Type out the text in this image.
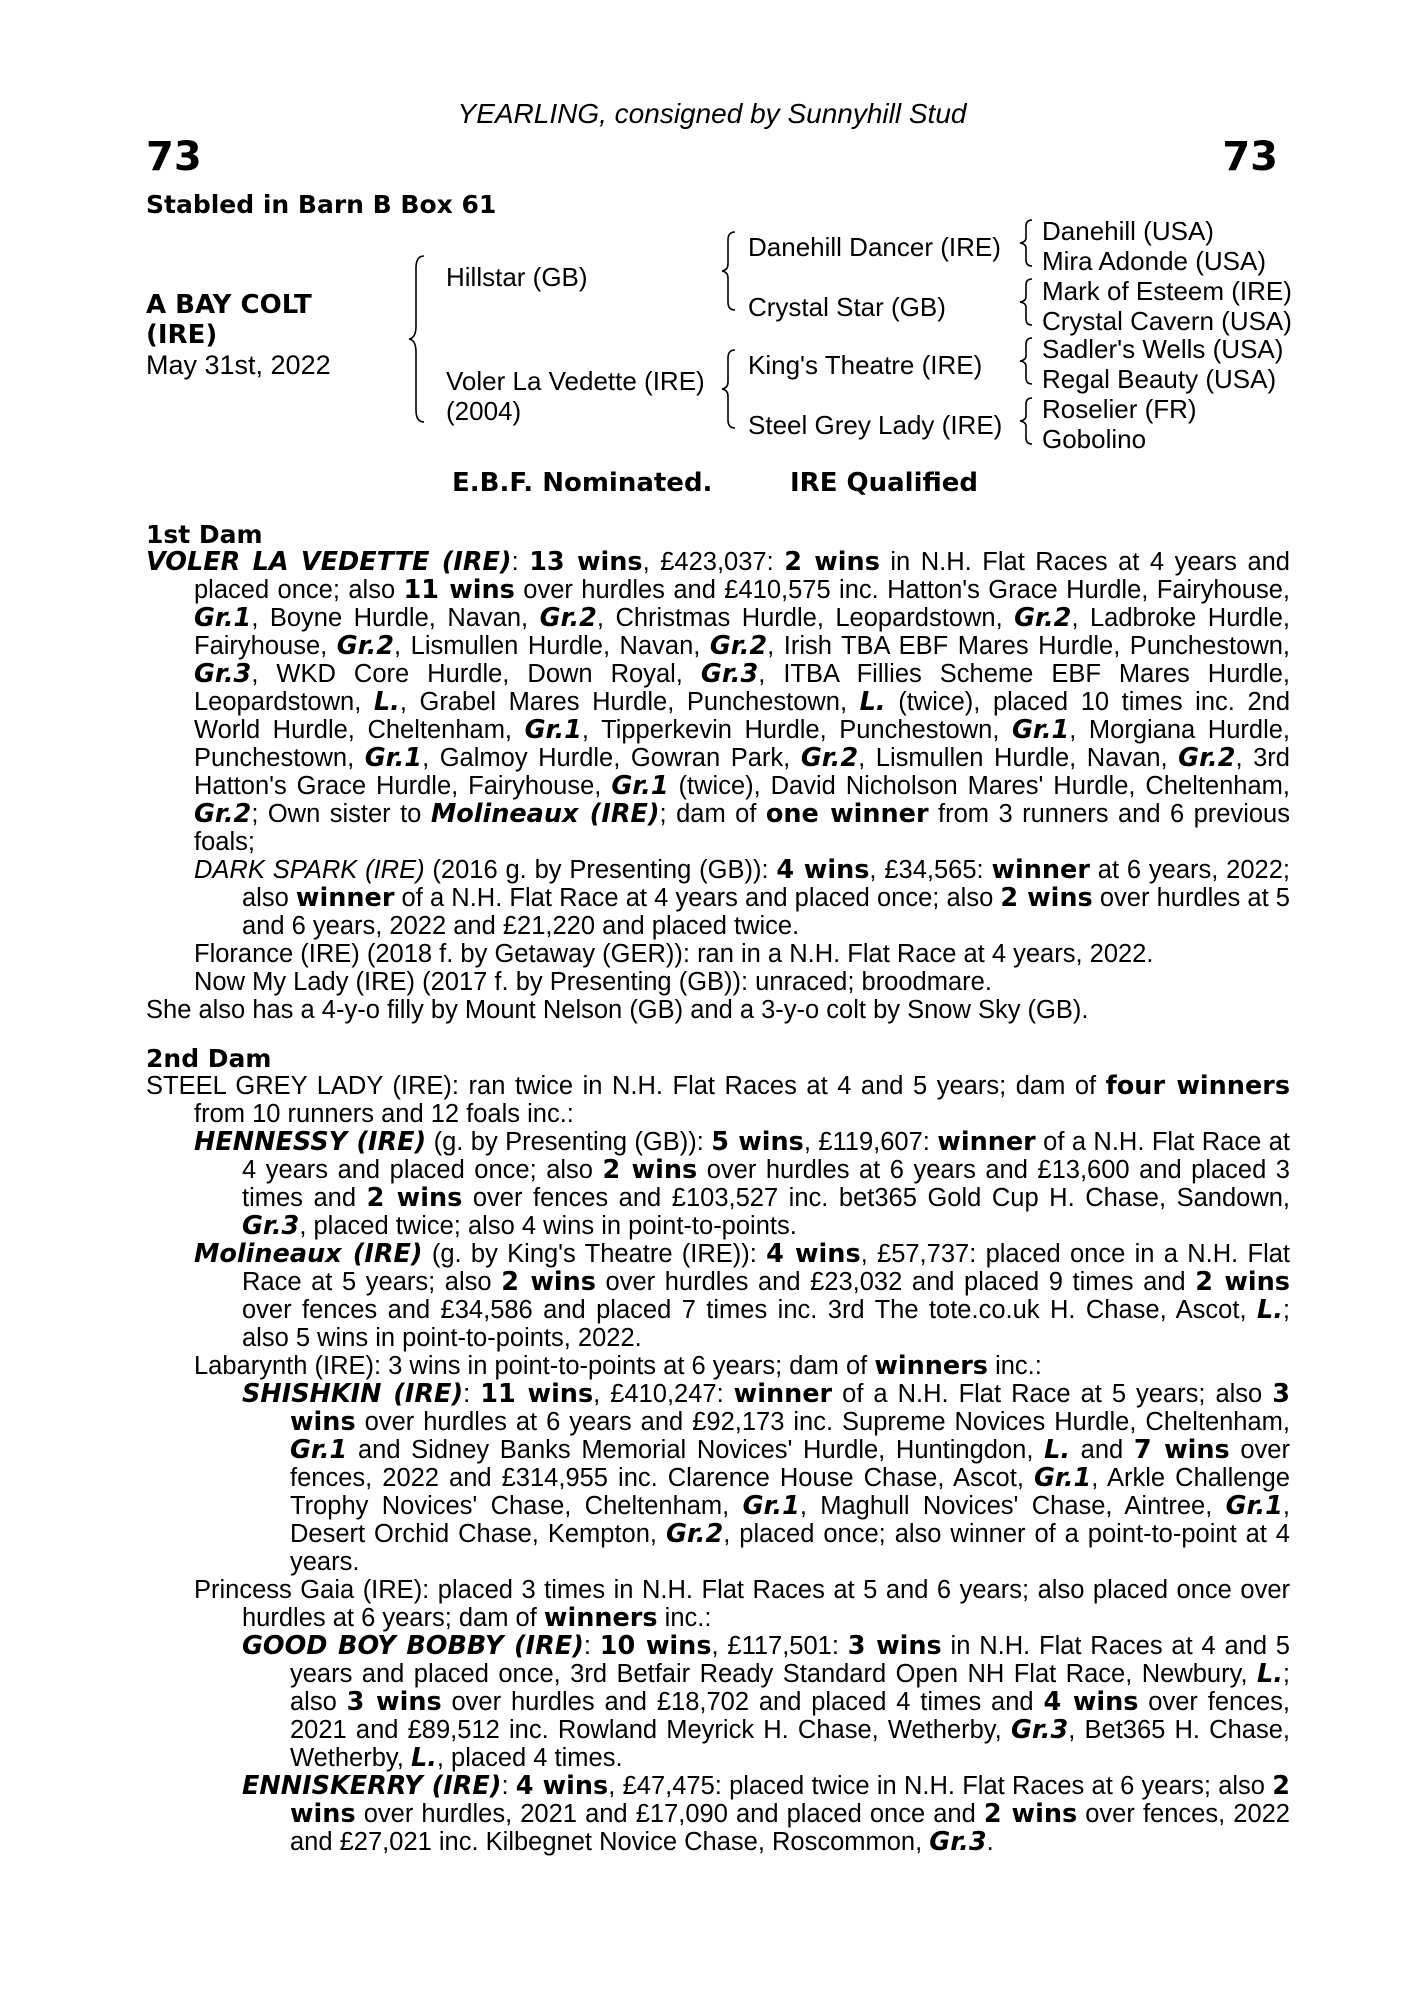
YEARLING, consigned by Sunnyhill Stud
73	73
Stabled in Barn B Box 61
A BAY COLT
(IRE)
May 31st, 2022
Hillstar (GB)
Voler La Vedette (IRE)
(2004)
Danehill Dancer (IRE)
Crystal Star (GB)
King's Theatre (IRE)
Steel Grey Lady (IRE)
Danehill (USA)
Mira Adonde (USA)
Mark of Esteem (IRE)
Crystal Cavern (USA)
Sadler's Wells (USA)
Regal Beauty (USA)
Roselier (FR)
Gobolino
E.B.F. Nominated.	IRE Qualified
1st Dam
VOLER LA VEDETTE (IRE): 13 wins, £423,037: 2 wins in N.H. Flat Races at 4 years and placed once; also 11 wins over hurdles and £410,575 inc. Hatton's Grace Hurdle, Fairyhouse, Gr.1, Boyne Hurdle, Navan, Gr.2, Christmas Hurdle, Leopardstown, Gr.2, Ladbroke Hurdle, Fairyhouse, Gr.2, Lismullen Hurdle, Navan, Gr.2, Irish TBA EBF Mares Hurdle, Punchestown, Gr.3, WKD Core Hurdle, Down Royal, Gr.3, ITBA Fillies Scheme EBF Mares Hurdle, Leopardstown, L., Grabel Mares Hurdle, Punchestown, L. (twice), placed 10 times inc. 2nd World Hurdle, Cheltenham, Gr.1, Tipperkevin Hurdle, Punchestown, Gr.1, Morgiana Hurdle, Punchestown, Gr.1, Galmoy Hurdle, Gowran Park, Gr.2, Lismullen Hurdle, Navan, Gr.2, 3rd Hatton's Grace Hurdle, Fairyhouse, Gr.1 (twice), David Nicholson Mares' Hurdle, Cheltenham, Gr.2; Own sister to Molineaux (IRE); dam of one winner from 3 runners and 6 previous foals;
DARK SPARK (IRE) (2016 g. by Presenting (GB)): 4 wins, £34,565: winner at 6 years, 2022; also winner of a N.H. Flat Race at 4 years and placed once; also 2 wins over hurdles at 5 and 6 years, 2022 and £21,220 and placed twice.
Florance (IRE) (2018 f. by Getaway (GER)): ran in a N.H. Flat Race at 4 years, 2022.
Now My Lady (IRE) (2017 f. by Presenting (GB)): unraced; broodmare.
She also has a 4-y-o filly by Mount Nelson (GB) and a 3-y-o colt by Snow Sky (GB).
2nd Dam
STEEL GREY LADY (IRE): ran twice in N.H. Flat Races at 4 and 5 years; dam of four winners from 10 runners and 12 foals inc.:
HENNESSY (IRE) (g. by Presenting (GB)): 5 wins, £119,607: winner of a N.H. Flat Race at 4 years and placed once; also 2 wins over hurdles at 6 years and £13,600 and placed 3 times and 2 wins over fences and £103,527 inc. bet365 Gold Cup H. Chase, Sandown, Gr.3, placed twice; also 4 wins in point-to-points.
Molineaux (IRE) (g. by King's Theatre (IRE)): 4 wins, £57,737: placed once in a N.H. Flat Race at 5 years; also 2 wins over hurdles and £23,032 and placed 9 times and 2 wins over fences and £34,586 and placed 7 times inc. 3rd The tote.co.uk H. Chase, Ascot, L.; also 5 wins in point-to-points, 2022.
Labarynth (IRE): 3 wins in point-to-points at 6 years; dam of winners inc.:
SHISHKIN (IRE): 11 wins, £410,247: winner of a N.H. Flat Race at 5 years; also 3 wins over hurdles at 6 years and £92,173 inc. Supreme Novices Hurdle, Cheltenham, Gr.1 and Sidney Banks Memorial Novices' Hurdle, Huntingdon, L. and 7 wins over fences, 2022 and £314,955 inc. Clarence House Chase, Ascot, Gr.1, Arkle Challenge Trophy Novices' Chase, Cheltenham, Gr.1, Maghull Novices' Chase, Aintree, Gr.1, Desert Orchid Chase, Kempton, Gr.2, placed once; also winner of a point-to-point at 4 years.
Princess Gaia (IRE): placed 3 times in N.H. Flat Races at 5 and 6 years; also placed once over hurdles at 6 years; dam of winners inc.:
GOOD BOY BOBBY (IRE): 10 wins, £117,501: 3 wins in N.H. Flat Races at 4 and 5 years and placed once, 3rd Betfair Ready Standard Open NH Flat Race, Newbury, L.; also 3 wins over hurdles and £18,702 and placed 4 times and 4 wins over fences, 2021 and £89,512 inc. Rowland Meyrick H. Chase, Wetherby, Gr.3, Bet365 H. Chase, Wetherby, L., placed 4 times.
ENNISKERRY (IRE): 4 wins, £47,475: placed twice in N.H. Flat Races at 6 years; also 2 wins over hurdles, 2021 and £17,090 and placed once and 2 wins over fences, 2022 and £27,021 inc. Kilbegnet Novice Chase, Roscommon, Gr.3.
